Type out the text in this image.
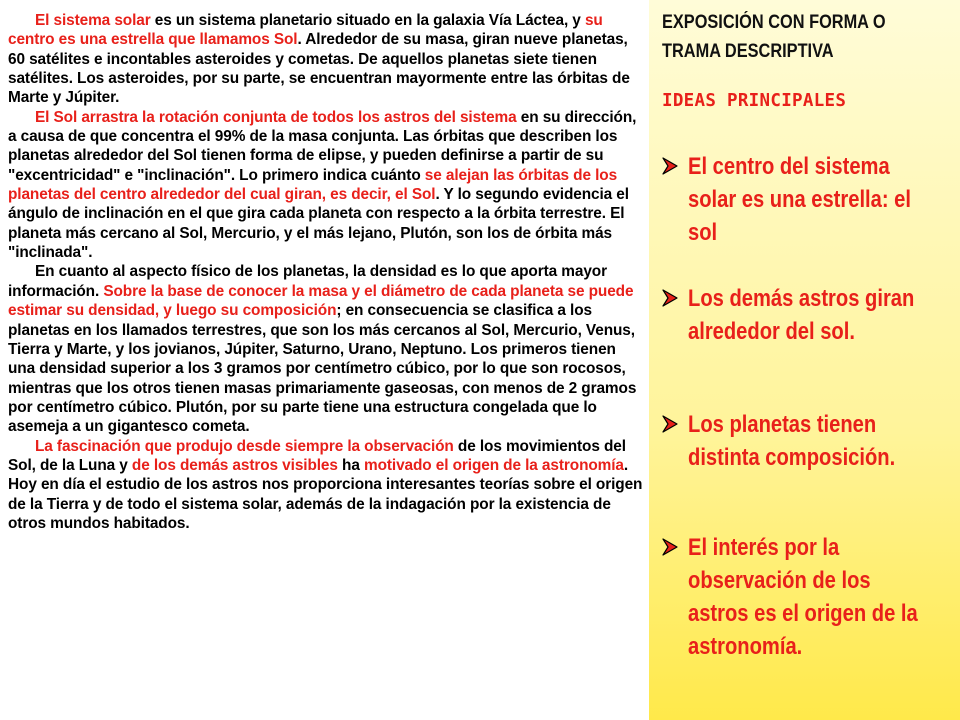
El sistema solar es un sistema planetario situado en la galaxia Vía Láctea, y su centro es una estrella que llamamos Sol. Alrededor de su masa, giran nueve planetas, 60 satélites e incontables asteroides y cometas. De aquellos planetas siete tienen satélites. Los asteroides, por su parte, se encuentran mayormente entre las órbitas de Marte y Júpiter.

El Sol arrastra la rotación conjunta de todos los astros del sistema en su dirección, a causa de que concentra el 99% de la masa conjunta. Las órbitas que describen los planetas alrededor del Sol tienen forma de elipse, y pueden definirse a partir de su "excentricidad" e "inclinación". Lo primero indica cuánto se alejan las órbitas de los planetas del centro alrededor del cual giran, es decir, el Sol. Y lo segundo evidencia el ángulo de inclinación en el que gira cada planeta con respecto a la órbita terrestre. El planeta más cercano al Sol, Mercurio, y el más lejano, Plutón, son los de órbita más "inclinada".

En cuanto al aspecto físico de los planetas, la densidad es lo que aporta mayor información. Sobre la base de conocer la masa y el diámetro de cada planeta se puede estimar su densidad, y luego su composición; en consecuencia se clasifica a los planetas en los llamados terrestres, que son los más cercanos al Sol, Mercurio, Venus, Tierra y Marte, y los jovianos, Júpiter, Saturno, Urano, Neptuno. Los primeros tienen una densidad superior a los 3 gramos por centímetro cúbico, por lo que son rocosos, mientras que los otros tienen masas primariamente gaseosas, con menos de 2 gramos por centímetro cúbico. Plutón, por su parte tiene una estructura congelada que lo asemeja a un gigantesco cometa.

La fascinación que produjo desde siempre la observación de los movimientos del Sol, de la Luna y de los demás astros visibles ha motivado el origen de la astronomía. Hoy en día el estudio de los astros nos proporciona interesantes teorías sobre el origen de la Tierra y de todo el sistema solar, además de la indagación por la existencia de otros mundos habitados.

EXPOSICIÓN CON FORMA O TRAMA DESCRIPTIVA
IDEAS PRINCIPALES

El centro del sistema solar es una estrella: el sol

Los demás astros giran alrededor del sol.

Los planetas tienen distinta composición.

El interés por la observación de los astros es el origen de la astronomía.
